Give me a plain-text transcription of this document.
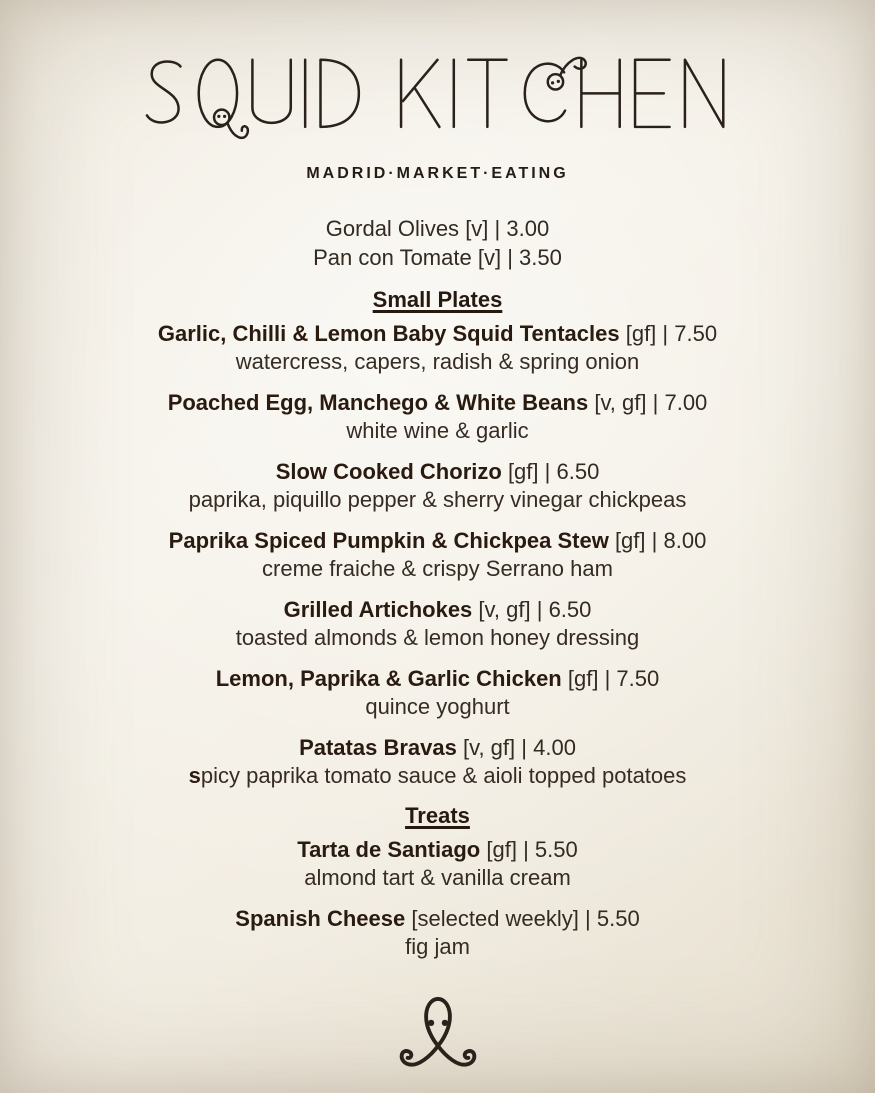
MADRID·MARKET·EATING
Gordal Olives [v] | 3.00
Pan con Tomate [v] | 3.50
Small Plates
Garlic, Chilli & Lemon Baby Squid Tentacles [gf] | 7.50
watercress, capers, radish & spring onion
Poached Egg, Manchego & White Beans [v, gf] | 7.00
white wine & garlic
Slow Cooked Chorizo [gf] | 6.50
paprika, piquillo pepper & sherry vinegar chickpeas
Paprika Spiced Pumpkin & Chickpea Stew [gf] | 8.00
creme fraiche & crispy Serrano ham
Grilled Artichokes [v, gf] | 6.50
toasted almonds & lemon honey dressing
Lemon, Paprika & Garlic Chicken [gf] | 7.50
quince yoghurt
Patatas Bravas [v, gf] | 4.00
spicy paprika tomato sauce & aioli topped potatoes
Treats
Tarta de Santiago [gf] | 5.50
almond tart & vanilla cream
Spanish Cheese [selected weekly] | 5.50
fig jam
